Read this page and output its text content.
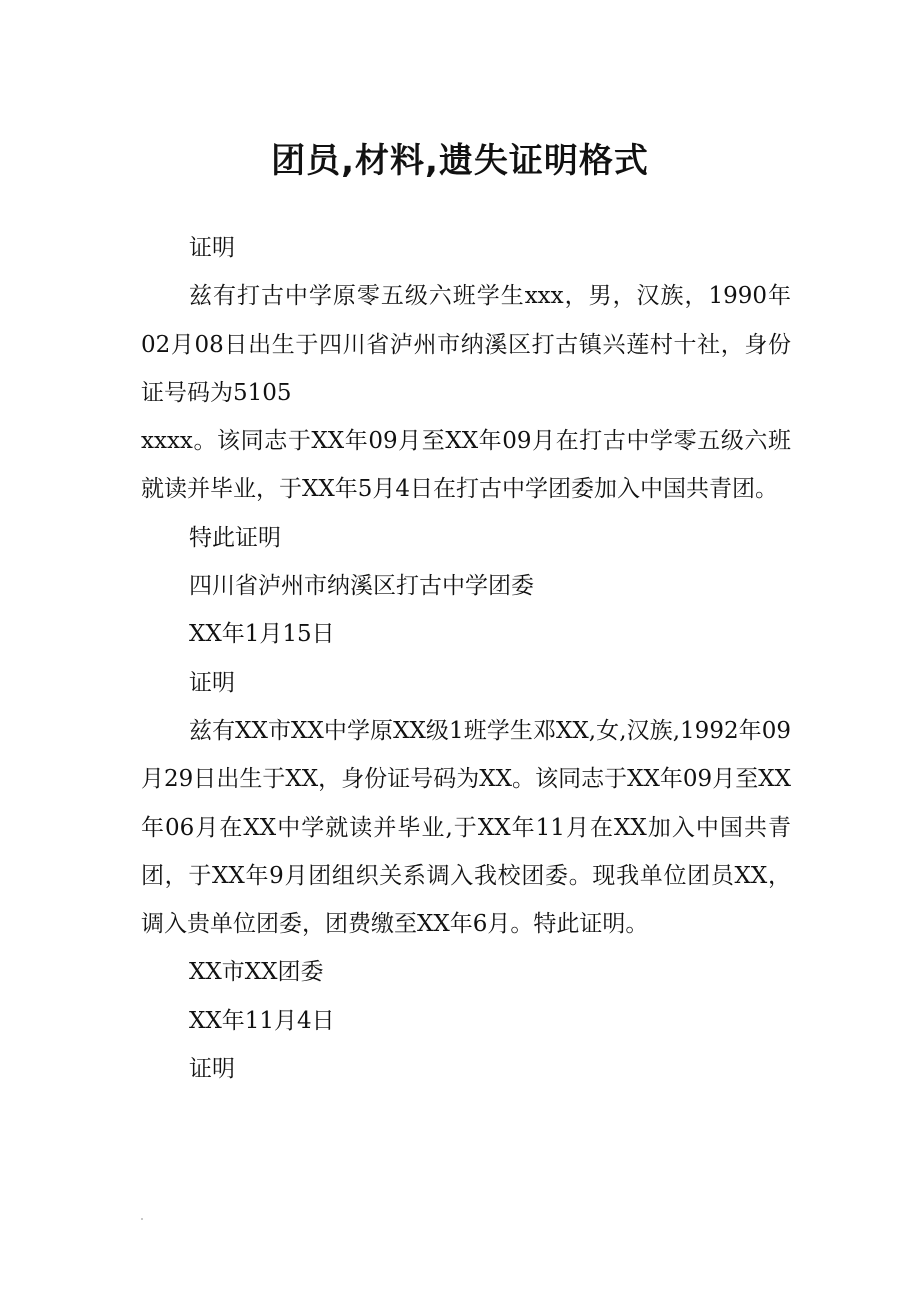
团员,材料,遗失证明格式

证明

兹有打古中学原零五级六班学生xxx，男，汉族，1990年02月08日出生于四川省泸州市纳溪区打古镇兴莲村十社，身份证号码为5105

xxxx。该同志于XX年09月至XX年09月在打古中学零五级六班就读并毕业，于XX年5月4日在打古中学团委加入中国共青团。

特此证明

四川省泸州市纳溪区打古中学团委

XX年1月15日

证明

兹有XX市XX中学原XX级1班学生邓XX,女,汉族,1992年09月29日出生于XX，身份证号码为XX。该同志于XX年09月至XX年06月在XX中学就读并毕业,于XX年11月在XX加入中国共青团，于XX年9月团组织关系调入我校团委。现我单位团员XX，调入贵单位团委，团费缴至XX年6月。特此证明。

XX市XX团委

XX年11月4日

证明
